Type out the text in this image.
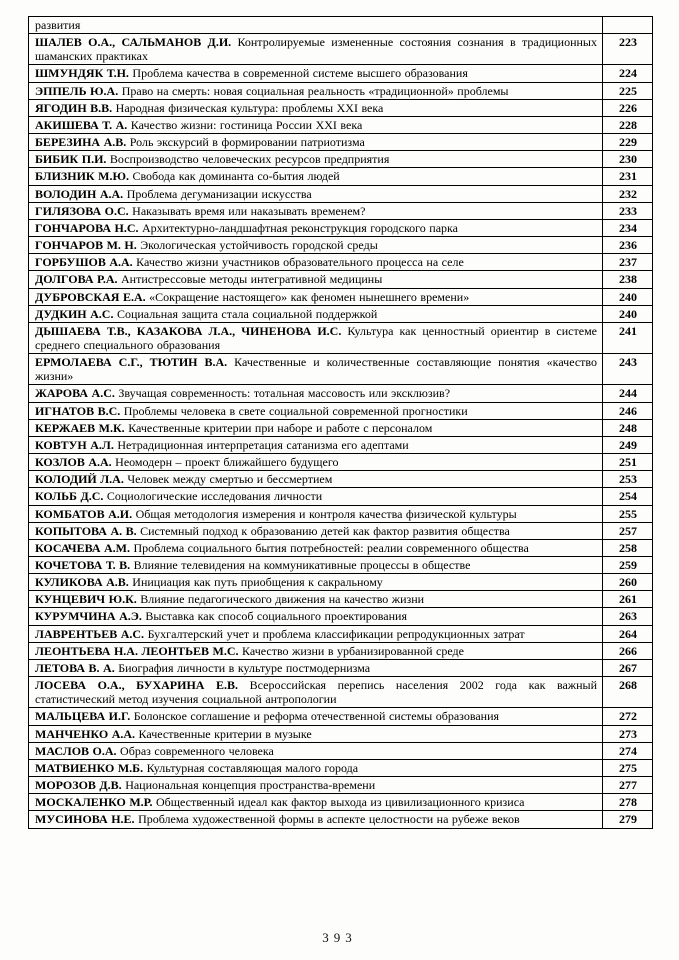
развития	
ШАЛЕВ О.А., САЛЬМАНОВ Д.И. Контролируемые измененные состояния сознания в традиционных шаманских практиках	223
ШМУНДЯК Т.Н. Проблема качества в современной системе высшего образования	224
ЭППЕЛЬ Ю.А. Право на смерть: новая социальная реальность «традиционной» проблемы	225
ЯГОДИН В.В. Народная физическая культура: проблемы XXI века	226
АКИШЕВА Т. А. Качество жизни: гостиница России XXI века	228
БЕРЕЗИНА А.В. Роль экскурсий в формировании патриотизма	229
БИБИК П.И. Воспроизводство человеческих ресурсов предприятия	230
БЛИЗНИК М.Ю. Свобода как доминанта со-бытия людей	231
ВОЛОДИН А.А. Проблема дегуманизации искусства	232
ГИЛЯЗОВА О.С. Наказывать время или наказывать временем?	233
ГОНЧАРОВА Н.С. Архитектурно-ландшафтная реконструкция городского парка	234
ГОНЧАРОВ М. Н. Экологическая устойчивость городской среды	236
ГОРБУШОВ А.А. Качество жизни участников образовательного процесса на селе	237
ДОЛГОВА Р.А. Антистрессовые методы интегративной медицины	238
ДУБРОВСКАЯ Е.А. «Сокращение настоящего» как феномен нынешнего времени»	240
ДУДКИН А.С. Социальная защита стала социальной поддержкой	240
ДЫШАЕВА Т.В., КАЗАКОВА Л.А., ЧИНЕНОВА И.С. Культура как ценностный ориентир в системе среднего специального образования	241
ЕРМОЛАЕВА С.Г., ТЮТИН В.А. Качественные и количественные составляющие понятия «качество жизни»	243
ЖАРОВА А.С. Звучащая современность: тотальная массовость или эксклюзив?	244
ИГНАТОВ В.С. Проблемы человека в свете социальной современной прогностики	246
КЕРЖАЕВ М.К. Качественные критерии при наборе и работе с персоналом	248
КОВТУН А.Л. Нетрадиционная интерпретация сатанизма его адептами	249
КОЗЛОВ А.А. Неомодерн – проект ближайшего будущего	251
КОЛОДИЙ Л.А. Человек между смертью и бессмертием	253
КОЛЬБ Д.С. Социологические исследования личности	254
КОМБАТОВ А.И. Общая методология измерения и контроля качества физической культуры	255
КОПЫТОВА А. В. Системный подход к образованию детей как фактор развития общества	257
КОСАЧЕВА А.М. Проблема социального бытия потребностей: реалии современного общества	258
КОЧЕТОВА Т. В. Влияние телевидения на коммуникативные процессы в обществе	259
КУЛИКОВА А.В. Инициация как путь приобщения к сакральному	260
КУНЦЕВИЧ Ю.К. Влияние педагогического движения на качество жизни	261
КУРУМЧИНА А.Э. Выставка как способ социального проектирования	263
ЛАВРЕНТЬЕВ А.С. Бухгалтерский учет и проблема классификации репродукционных затрат	264
ЛЕОНТЬЕВА Н.А. ЛЕОНТЬЕВ М.С. Качество жизни в урбанизированной среде	266
ЛЕТОВА В. А. Биография личности в культуре постмодернизма	267
ЛОСЕВА О.А., БУХАРИНА Е.В. Всероссийская перепись населения 2002 года как важный статистический метод изучения социальной антропологии	268
МАЛЬЦЕВА И.Г. Болонское соглашение и реформа отечественной системы образования	272
МАНЧЕНКО А.А. Качественные критерии в музыке	273
МАСЛОВ О.А. Образ современного человека	274
МАТВИЕНКО М.Б. Культурная составляющая малого города	275
МОРОЗОВ Д.В. Национальная концепция пространства-времени	277
МОСКАЛЕНКО М.Р. Общественный идеал как фактор выхода из цивилизационного кризиса	278
МУСИНОВА Н.Е. Проблема художественной формы в аспекте целостности на рубеже веков	279
393
